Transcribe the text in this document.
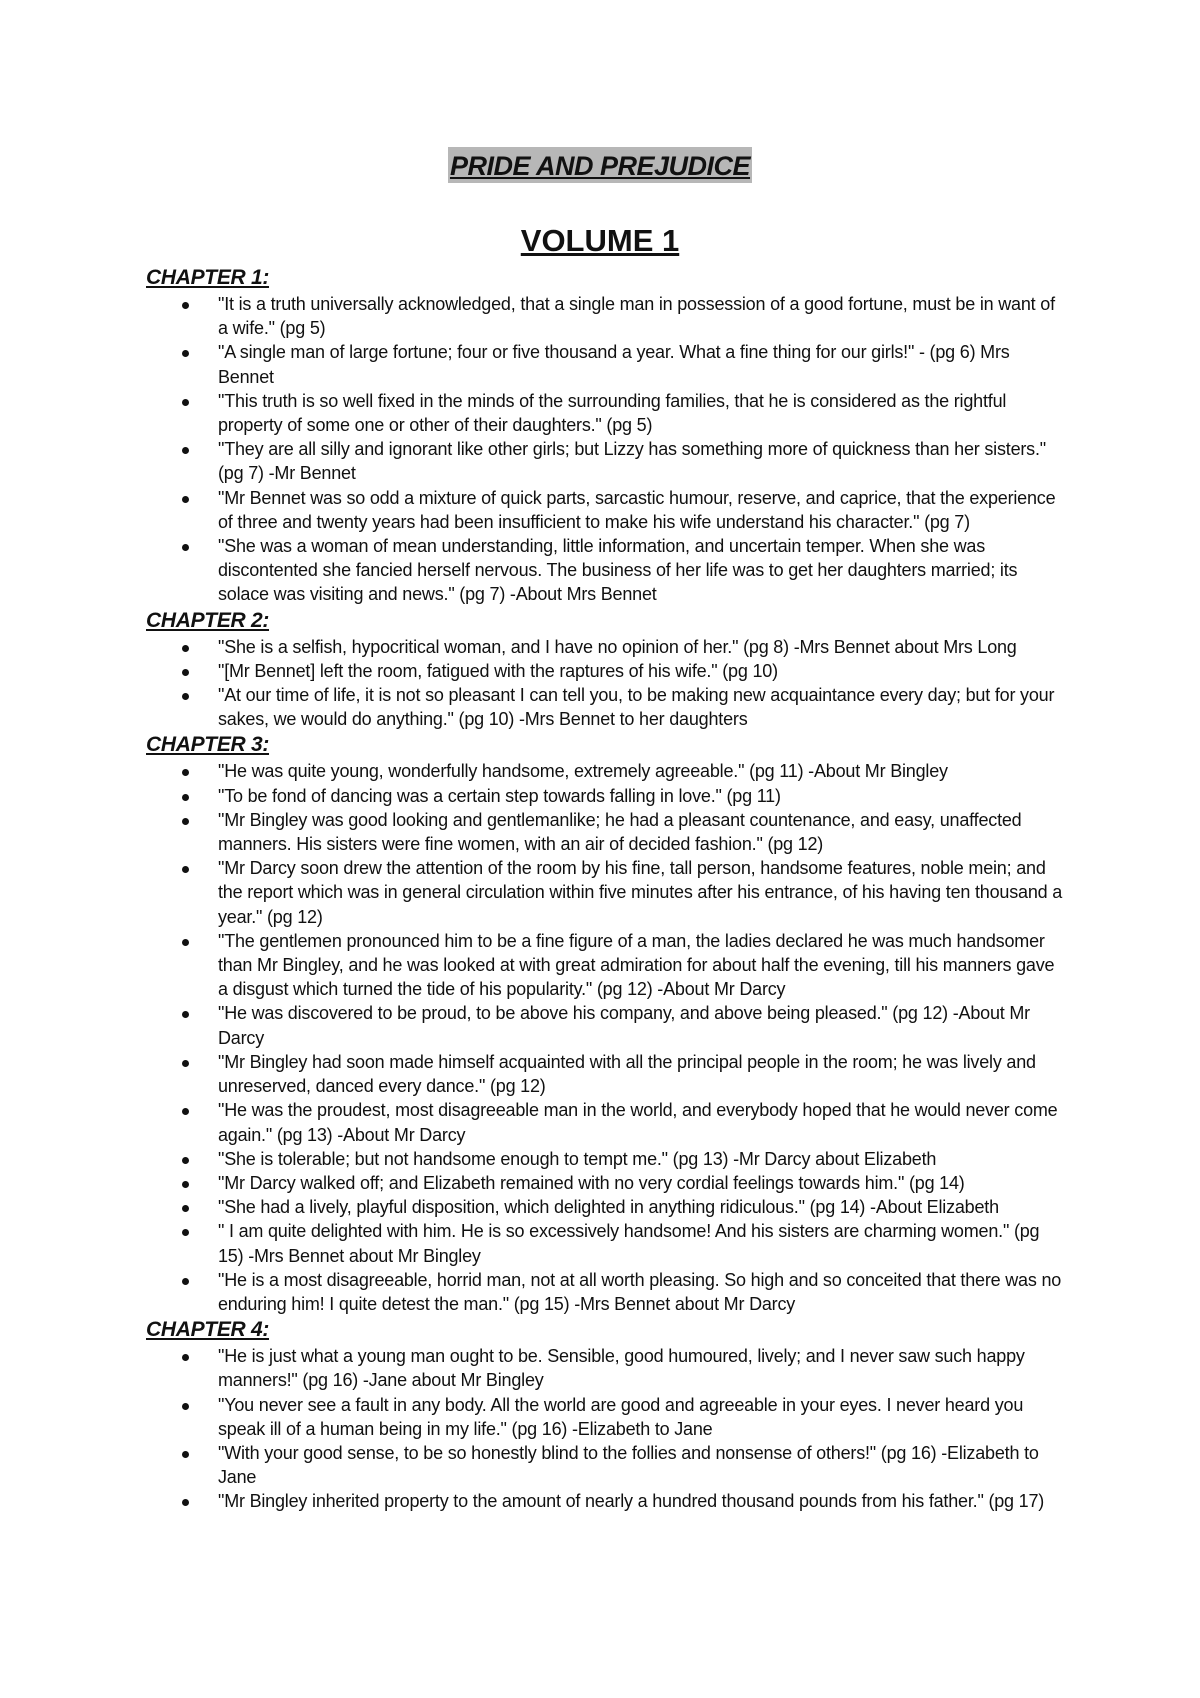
PRIDE AND PREJUDICE
VOLUME 1
CHAPTER 1:
"It is a truth universally acknowledged, that a single man in possession of a good fortune, must be in want of a wife." (pg 5)
"A single man of large fortune; four or five thousand a year. What a fine thing for our girls!" - (pg 6) Mrs Bennet
"This truth is so well fixed in the minds of the surrounding families, that he is considered as the rightful property of some one or other of their daughters." (pg 5)
"They are all silly and ignorant like other girls; but Lizzy has something more of quickness than her sisters." (pg 7) -Mr Bennet
"Mr Bennet was so odd a mixture of quick parts, sarcastic humour, reserve, and caprice, that the experience of three and twenty years had been insufficient to make his wife understand his character." (pg 7)
"She was a woman of mean understanding, little information, and uncertain temper. When she was discontented she fancied herself nervous. The business of her life was to get her daughters married; its solace was visiting and news." (pg 7) -About Mrs Bennet
CHAPTER 2:
"She is a selfish, hypocritical woman, and I have no opinion of her." (pg 8) -Mrs Bennet about Mrs Long
"[Mr Bennet] left the room, fatigued with the raptures of his wife." (pg 10)
"At our time of life, it is not so pleasant I can tell you, to be making new acquaintance every day; but for your sakes, we would do anything." (pg 10) -Mrs Bennet to her daughters
CHAPTER 3:
"He was quite young, wonderfully handsome, extremely agreeable." (pg 11) -About Mr Bingley
"To be fond of dancing was a certain step towards falling in love." (pg 11)
"Mr Bingley was good looking and gentlemanlike; he had a pleasant countenance, and easy, unaffected manners. His sisters were fine women, with an air of decided fashion." (pg 12)
"Mr Darcy soon drew the attention of the room by his fine, tall person, handsome features, noble mein; and the report which was in general circulation within five minutes after his entrance, of his having ten thousand a year." (pg 12)
"The gentlemen pronounced him to be a fine figure of a man, the ladies declared he was much handsomer than Mr Bingley, and he was looked at with great admiration for about half the evening, till his manners gave a disgust which turned the tide of his popularity." (pg 12) -About Mr Darcy
"He was discovered to be proud, to be above his company, and above being pleased." (pg 12) -About Mr Darcy
"Mr Bingley had soon made himself acquainted with all the principal people in the room; he was lively and unreserved, danced every dance." (pg 12)
"He was the proudest, most disagreeable man in the world, and everybody hoped that he would never come again." (pg 13) -About Mr Darcy
"She is tolerable; but not handsome enough to tempt me." (pg 13) -Mr Darcy about Elizabeth
"Mr Darcy walked off; and Elizabeth remained with no very cordial feelings towards him." (pg 14)
"She had a lively, playful disposition, which delighted in anything ridiculous." (pg 14) -About Elizabeth
" I am quite delighted with him. He is so excessively handsome! And his sisters are charming women." (pg 15) -Mrs Bennet about Mr Bingley
"He is a most disagreeable, horrid man, not at all worth pleasing. So high and so conceited that there was no enduring him! I quite detest the man." (pg 15) -Mrs Bennet about Mr Darcy
CHAPTER 4:
"He is just what a young man ought to be. Sensible, good humoured, lively; and I never saw such happy manners!" (pg 16) -Jane about Mr Bingley
"You never see a fault in any body. All the world are good and agreeable in your eyes. I never heard you speak ill of a human being in my life." (pg 16) -Elizabeth to Jane
"With your good sense, to be so honestly blind to the follies and nonsense of others!" (pg 16) -Elizabeth to Jane
"Mr Bingley inherited property to the amount of nearly a hundred thousand pounds from his father." (pg 17)
